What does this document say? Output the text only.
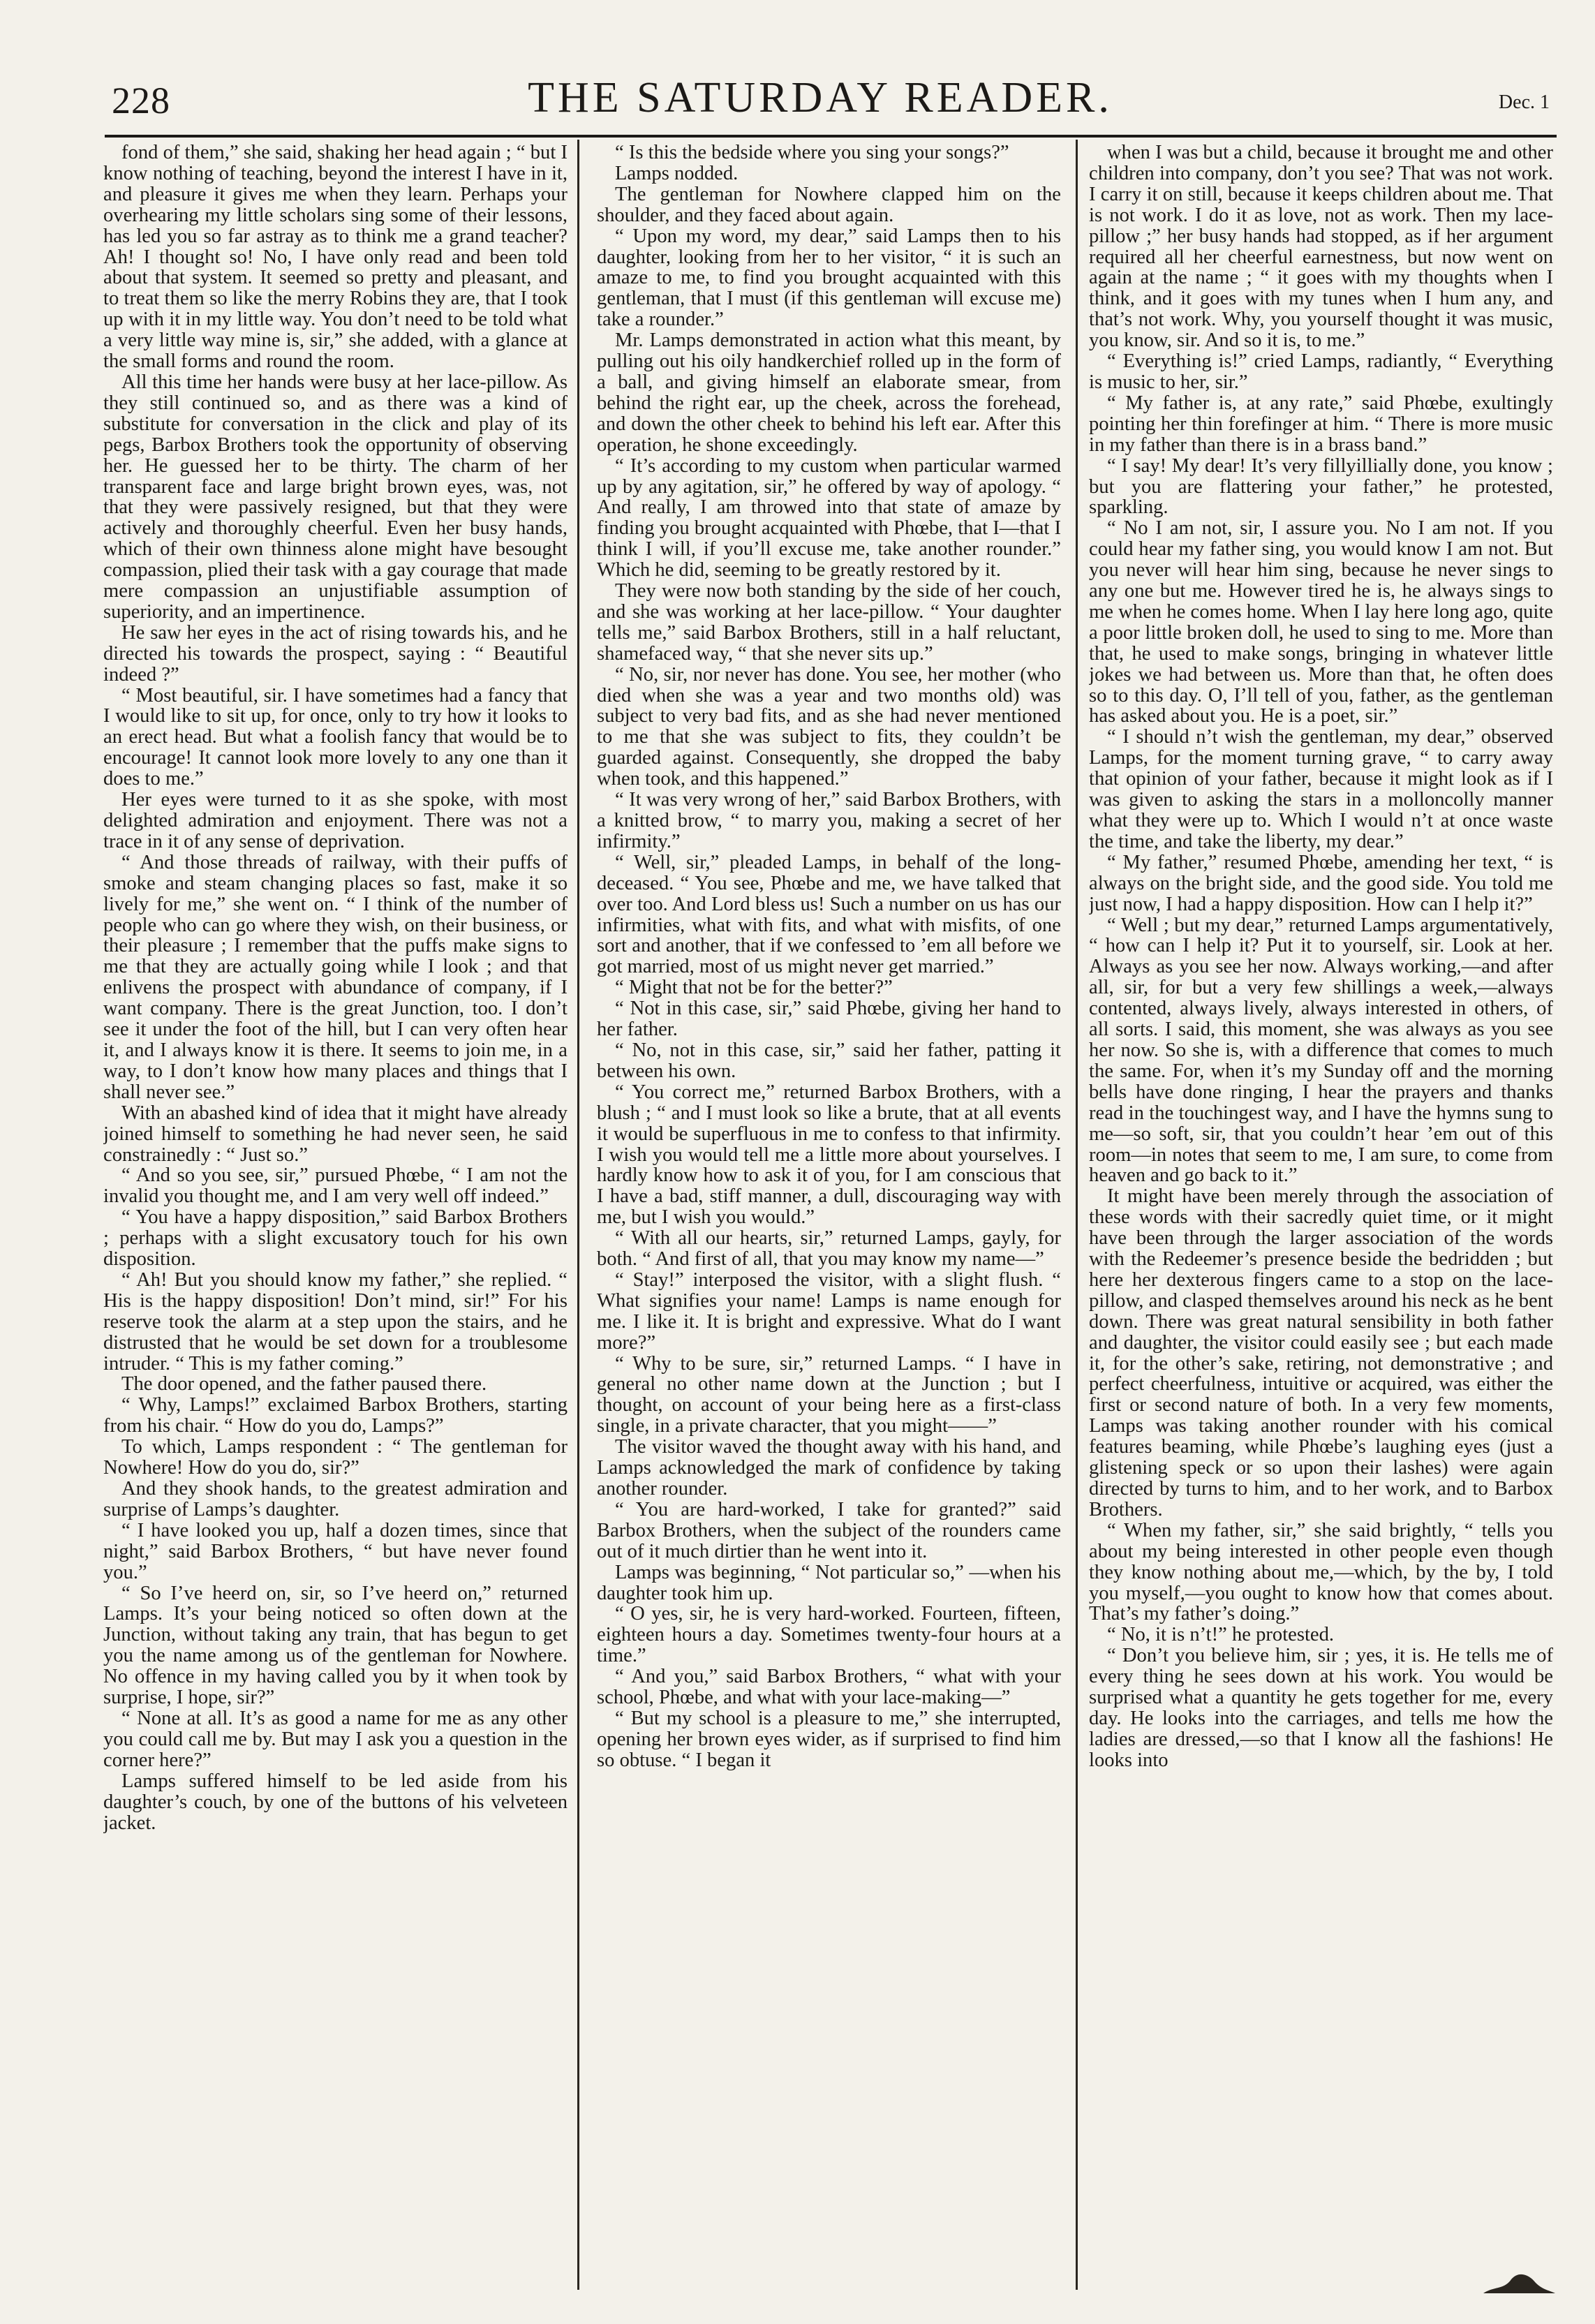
228	THE SATURDAY READER.	Dec. 1

fond of them,” she said, shaking her head again ; “ but I know nothing of teaching, beyond the interest I have in it, and pleasure it gives me when they learn. Perhaps your overhearing my little scholars sing some of their lessons, has led you so far astray as to think me a grand teacher? Ah! I thought so! No, I have only read and been told about that system. It seemed so pretty and pleasant, and to treat them so like the merry Robins they are, that I took up with it in my little way. You don’t need to be told what a very little way mine is, sir,” she added, with a glance at the small forms and round the room.

All this time her hands were busy at her lace-pillow. As they still continued so, and as there was a kind of substitute for conversation in the click and play of its pegs, Barbox Brothers took the opportunity of observing her. He guessed her to be thirty. The charm of her transparent face and large bright brown eyes, was, not that they were passively resigned, but that they were actively and thoroughly cheerful. Even her busy hands, which of their own thinness alone might have besought compassion, plied their task with a gay courage that made mere compassion an unjustifiable assumption of superiority, and an impertinence.

He saw her eyes in the act of rising towards his, and he directed his towards the prospect, saying : “ Beautiful indeed ?”

“ Most beautiful, sir. I have sometimes had a fancy that I would like to sit up, for once, only to try how it looks to an erect head. But what a foolish fancy that would be to encourage! It cannot look more lovely to any one than it does to me.”

Her eyes were turned to it as she spoke, with most delighted admiration and enjoyment. There was not a trace in it of any sense of deprivation.

“ And those threads of railway, with their puffs of smoke and steam changing places so fast, make it so lively for me,” she went on. “ I think of the number of people who can go where they wish, on their business, or their pleasure ; I remember that the puffs make signs to me that they are actually going while I look ; and that enlivens the prospect with abundance of company, if I want company. There is the great Junction, too. I don’t see it under the foot of the hill, but I can very often hear it, and I always know it is there. It seems to join me, in a way, to I don’t know how many places and things that I shall never see.”

With an abashed kind of idea that it might have already joined himself to something he had never seen, he said constrainedly : “ Just so.”

“ And so you see, sir,” pursued Phœbe, “ I am not the invalid you thought me, and I am very well off indeed.”

“ You have a happy disposition,” said Barbox Brothers ; perhaps with a slight excusatory touch for his own disposition.

“ Ah! But you should know my father,” she replied. “ His is the happy disposition! Don’t mind, sir!” For his reserve took the alarm at a step upon the stairs, and he distrusted that he would be set down for a troublesome intruder. “ This is my father coming.”

The door opened, and the father paused there.

“ Why, Lamps!” exclaimed Barbox Brothers, starting from his chair. “ How do you do, Lamps?”

To which, Lamps respondent : “ The gentleman for Nowhere! How do you do, sir?”

And they shook hands, to the greatest admiration and surprise of Lamps’s daughter.

“ I have looked you up, half a dozen times, since that night,” said Barbox Brothers, “ but have never found you.”

“ So I’ve heerd on, sir, so I’ve heerd on,” returned Lamps. It’s your being noticed so often down at the Junction, without taking any train, that has begun to get you the name among us of the gentleman for Nowhere. No offence in my having called you by it when took by surprise, I hope, sir?”

“ None at all. It’s as good a name for me as any other you could call me by. But may I ask you a question in the corner here?”

Lamps suffered himself to be led aside from his daughter’s couch, by one of the buttons of his velveteen jacket.

“ Is this the bedside where you sing your songs?”

Lamps nodded.

The gentleman for Nowhere clapped him on the shoulder, and they faced about again.

“ Upon my word, my dear,” said Lamps then to his daughter, looking from her to her visitor, “ it is such an amaze to me, to find you brought acquainted with this gentleman, that I must (if this gentleman will excuse me) take a rounder.”

Mr. Lamps demonstrated in action what this meant, by pulling out his oily handkerchief rolled up in the form of a ball, and giving himself an elaborate smear, from behind the right ear, up the cheek, across the forehead, and down the other cheek to behind his left ear. After this operation, he shone exceedingly.

“ It’s according to my custom when particular warmed up by any agitation, sir,” he offered by way of apology. “ And really, I am throwed into that state of amaze by finding you brought acquainted with Phœbe, that I—that I think I will, if you’ll excuse me, take another rounder.” Which he did, seeming to be greatly restored by it.

They were now both standing by the side of her couch, and she was working at her lace-pillow. “ Your daughter tells me,” said Barbox Brothers, still in a half reluctant, shamefaced way, “ that she never sits up.”

“ No, sir, nor never has done. You see, her mother (who died when she was a year and two months old) was subject to very bad fits, and as she had never mentioned to me that she was subject to fits, they couldn’t be guarded against. Consequently, she dropped the baby when took, and this happened.”

“ It was very wrong of her,” said Barbox Brothers, with a knitted brow, “ to marry you, making a secret of her infirmity.”

“ Well, sir,” pleaded Lamps, in behalf of the long-deceased. “ You see, Phœbe and me, we have talked that over too. And Lord bless us! Such a number on us has our infirmities, what with fits, and what with misfits, of one sort and another, that if we confessed to ’em all before we got married, most of us might never get married.”

“ Might that not be for the better?”

“ Not in this case, sir,” said Phœbe, giving her hand to her father.

“ No, not in this case, sir,” said her father, patting it between his own.

“ You correct me,” returned Barbox Brothers, with a blush ; “ and I must look so like a brute, that at all events it would be superfluous in me to confess to that infirmity. I wish you would tell me a little more about yourselves. I hardly know how to ask it of you, for I am conscious that I have a bad, stiff manner, a dull, discouraging way with me, but I wish you would.”

“ With all our hearts, sir,” returned Lamps, gayly, for both. “ And first of all, that you may know my name—”

“ Stay!” interposed the visitor, with a slight flush. “ What signifies your name! Lamps is name enough for me. I like it. It is bright and expressive. What do I want more?”

“ Why to be sure, sir,” returned Lamps. “ I have in general no other name down at the Junction ; but I thought, on account of your being here as a first-class single, in a private character, that you might——”

The visitor waved the thought away with his hand, and Lamps acknowledged the mark of confidence by taking another rounder.

“ You are hard-worked, I take for granted?” said Barbox Brothers, when the subject of the rounders came out of it much dirtier than he went into it.

Lamps was beginning, “ Not particular so,” —when his daughter took him up.

“ O yes, sir, he is very hard-worked. Fourteen, fifteen, eighteen hours a day. Sometimes twenty-four hours at a time.”

“ And you,” said Barbox Brothers, “ what with your school, Phœbe, and what with your lace-making—”

“ But my school is a pleasure to me,” she interrupted, opening her brown eyes wider, as if surprised to find him so obtuse. “ I began it

when I was but a child, because it brought me and other children into company, don’t you see? That was not work. I carry it on still, because it keeps children about me. That is not work. I do it as love, not as work. Then my lace-pillow ;” her busy hands had stopped, as if her argument required all her cheerful earnestness, but now went on again at the name ; “ it goes with my thoughts when I think, and it goes with my tunes when I hum any, and that’s not work. Why, you yourself thought it was music, you know, sir. And so it is, to me.”

“ Everything is!” cried Lamps, radiantly, “ Everything is music to her, sir.”

“ My father is, at any rate,” said Phœbe, exultingly pointing her thin forefinger at him. “ There is more music in my father than there is in a brass band.”

“ I say! My dear! It’s very fillyillially done, you know ; but you are flattering your father,” he protested, sparkling.

“ No I am not, sir, I assure you. No I am not. If you could hear my father sing, you would know I am not. But you never will hear him sing, because he never sings to any one but me. However tired he is, he always sings to me when he comes home. When I lay here long ago, quite a poor little broken doll, he used to sing to me. More than that, he used to make songs, bringing in whatever little jokes we had between us. More than that, he often does so to this day. O, I’ll tell of you, father, as the gentleman has asked about you. He is a poet, sir.”

“ I should n’t wish the gentleman, my dear,” observed Lamps, for the moment turning grave, “ to carry away that opinion of your father, because it might look as if I was given to asking the stars in a molloncolly manner what they were up to. Which I would n’t at once waste the time, and take the liberty, my dear.”

“ My father,” resumed Phœbe, amending her text, “ is always on the bright side, and the good side. You told me just now, I had a happy disposition. How can I help it?”

“ Well ; but my dear,” returned Lamps argumentatively, “ how can I help it? Put it to yourself, sir. Look at her. Always as you see her now. Always working,—and after all, sir, for but a very few shillings a week,—always contented, always lively, always interested in others, of all sorts. I said, this moment, she was always as you see her now. So she is, with a difference that comes to much the same. For, when it’s my Sunday off and the morning bells have done ringing, I hear the prayers and thanks read in the touchingest way, and I have the hymns sung to me—so soft, sir, that you couldn’t hear ’em out of this room—in notes that seem to me, I am sure, to come from heaven and go back to it.”

It might have been merely through the association of these words with their sacredly quiet time, or it might have been through the larger association of the words with the Redeemer’s presence beside the bedridden ; but here her dexterous fingers came to a stop on the lace-pillow, and clasped themselves around his neck as he bent down. There was great natural sensibility in both father and daughter, the visitor could easily see ; but each made it, for the other’s sake, retiring, not demonstrative ; and perfect cheerfulness, intuitive or acquired, was either the first or second nature of both. In a very few moments, Lamps was taking another rounder with his comical features beaming, while Phœbe’s laughing eyes (just a glistening speck or so upon their lashes) were again directed by turns to him, and to her work, and to Barbox Brothers.

“ When my father, sir,” she said brightly, “ tells you about my being interested in other people even though they know nothing about me,—which, by the by, I told you myself,—you ought to know how that comes about. That’s my father’s doing.”

“ No, it is n’t!” he protested.

“ Don’t you believe him, sir ; yes, it is. He tells me of every thing he sees down at his work. You would be surprised what a quantity he gets together for me, every day. He looks into the carriages, and tells me how the ladies are dressed,—so that I know all the fashions! He looks into
